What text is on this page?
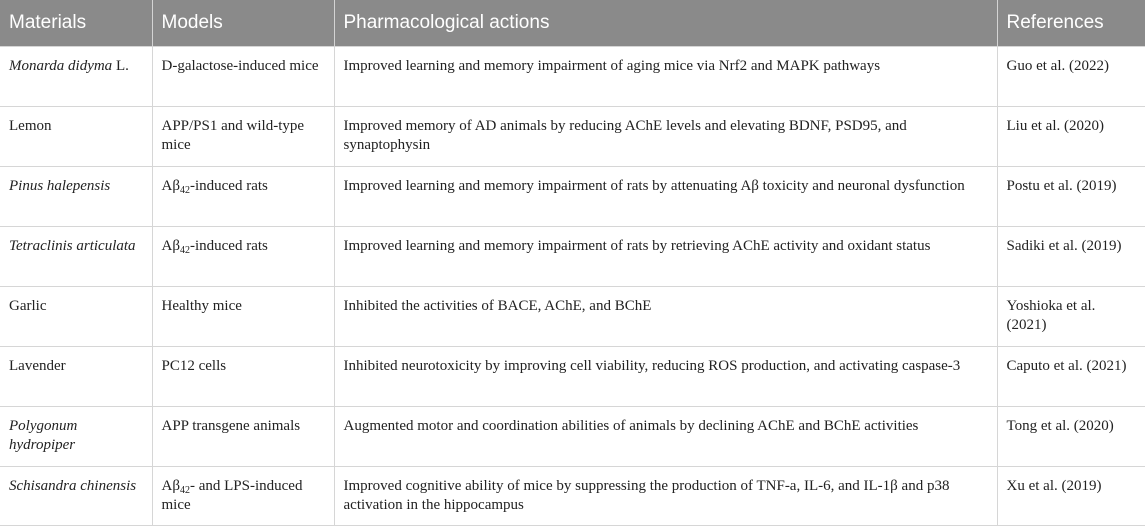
Materials	Models	Pharmacological actions	References
Monarda didyma L.	D-galactose-induced mice	Improved learning and memory impairment of aging mice via Nrf2 and MAPK pathways	Guo et al. (2022)
Lemon	APP/PS1 and wild-type mice	Improved memory of AD animals by reducing AChE levels and elevating BDNF, PSD95, and synaptophysin	Liu et al. (2020)
Pinus halepensis	$A\beta_{42}$-induced rats	Improved learning and memory impairment of rats by attenuating Aβ toxicity and neuronal dysfunction	Postu et al. (2019)
Tetraclinis articulata	$A\beta_{42}$-induced rats	Improved learning and memory impairment of rats by retrieving AChE activity and oxidant status	Sadiki et al. (2019)
Garlic	Healthy mice	Inhibited the activities of BACE, AChE, and BChE	Yoshioka et al. (2021)
Lavender	PC12 cells	Inhibited neurotoxicity by improving cell viability, reducing ROS production, and activating caspase-3	Caputo et al. (2021)
Polygonum hydropiper	APP transgene animals	Augmented motor and coordination abilities of animals by declining AChE and BChE activities	Tong et al. (2020)
Schisandra chinensis	$A\beta_{42}-$ and LPS-induced mice	Improved cognitive ability of mice by suppressing the production of TNF-a, IL-6, and IL-1β and p38 activation in the hippocampus	Xu et al. (2019)
